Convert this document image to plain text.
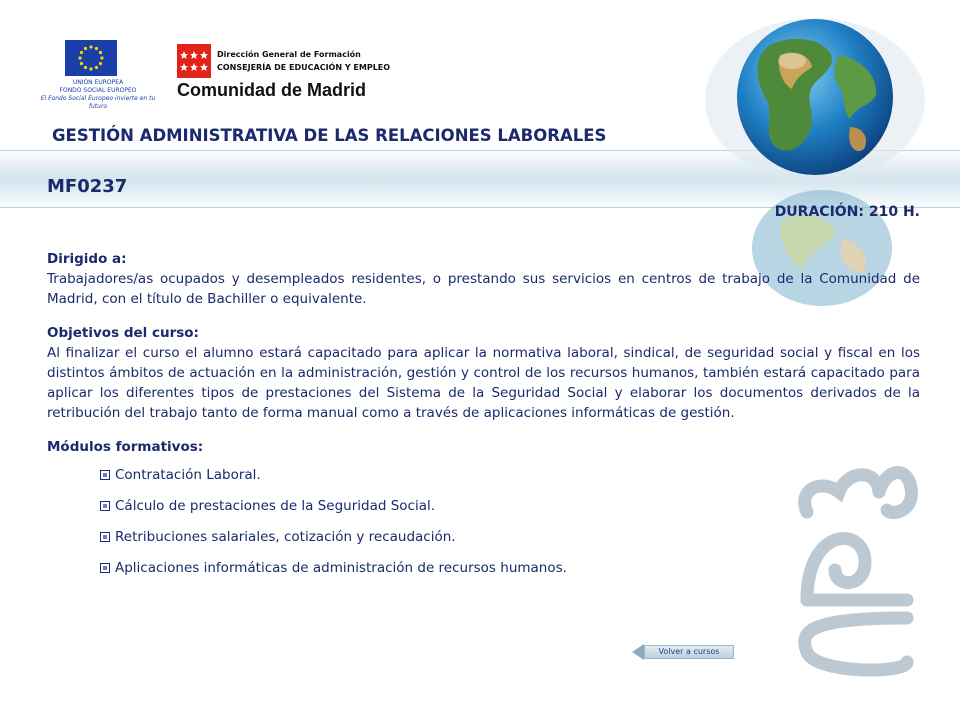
UNIÓN EUROPEA
FONDO SOCIAL EUROPEO
El Fondo Social Europeo invierte en tu futuro
Dirección General de Formación
CONSEJERÍA DE EDUCACIÓN Y EMPLEO
Comunidad de Madrid
GESTIÓN ADMINISTRATIVA DE LAS RELACIONES LABORALES
MF0237
DURACIÓN: 210 H.
Dirigido a:

Trabajadores/as ocupados y desempleados residentes, o prestando sus servicios en centros de trabajo de la Comunidad de Madrid, con el título de Bachiller o equivalente.

Objetivos del curso:

Al finalizar el curso el alumno estará capacitado para aplicar la normativa laboral, sindical, de seguridad social y fiscal en los distintos ámbitos de actuación en la administración, gestión y control de los recursos humanos, también estará capacitado para aplicar los diferentes tipos de prestaciones del Sistema de la Seguridad Social y elaborar los documentos derivados de la retribución del trabajo tanto de forma manual como a través de aplicaciones informáticas de gestión.

Módulos formativos:
Contratación Laboral.
Cálculo de prestaciones de la Seguridad Social.
Retribuciones salariales, cotización y recaudación.
Aplicaciones informáticas de administración de recursos humanos.
Volver a cursos
